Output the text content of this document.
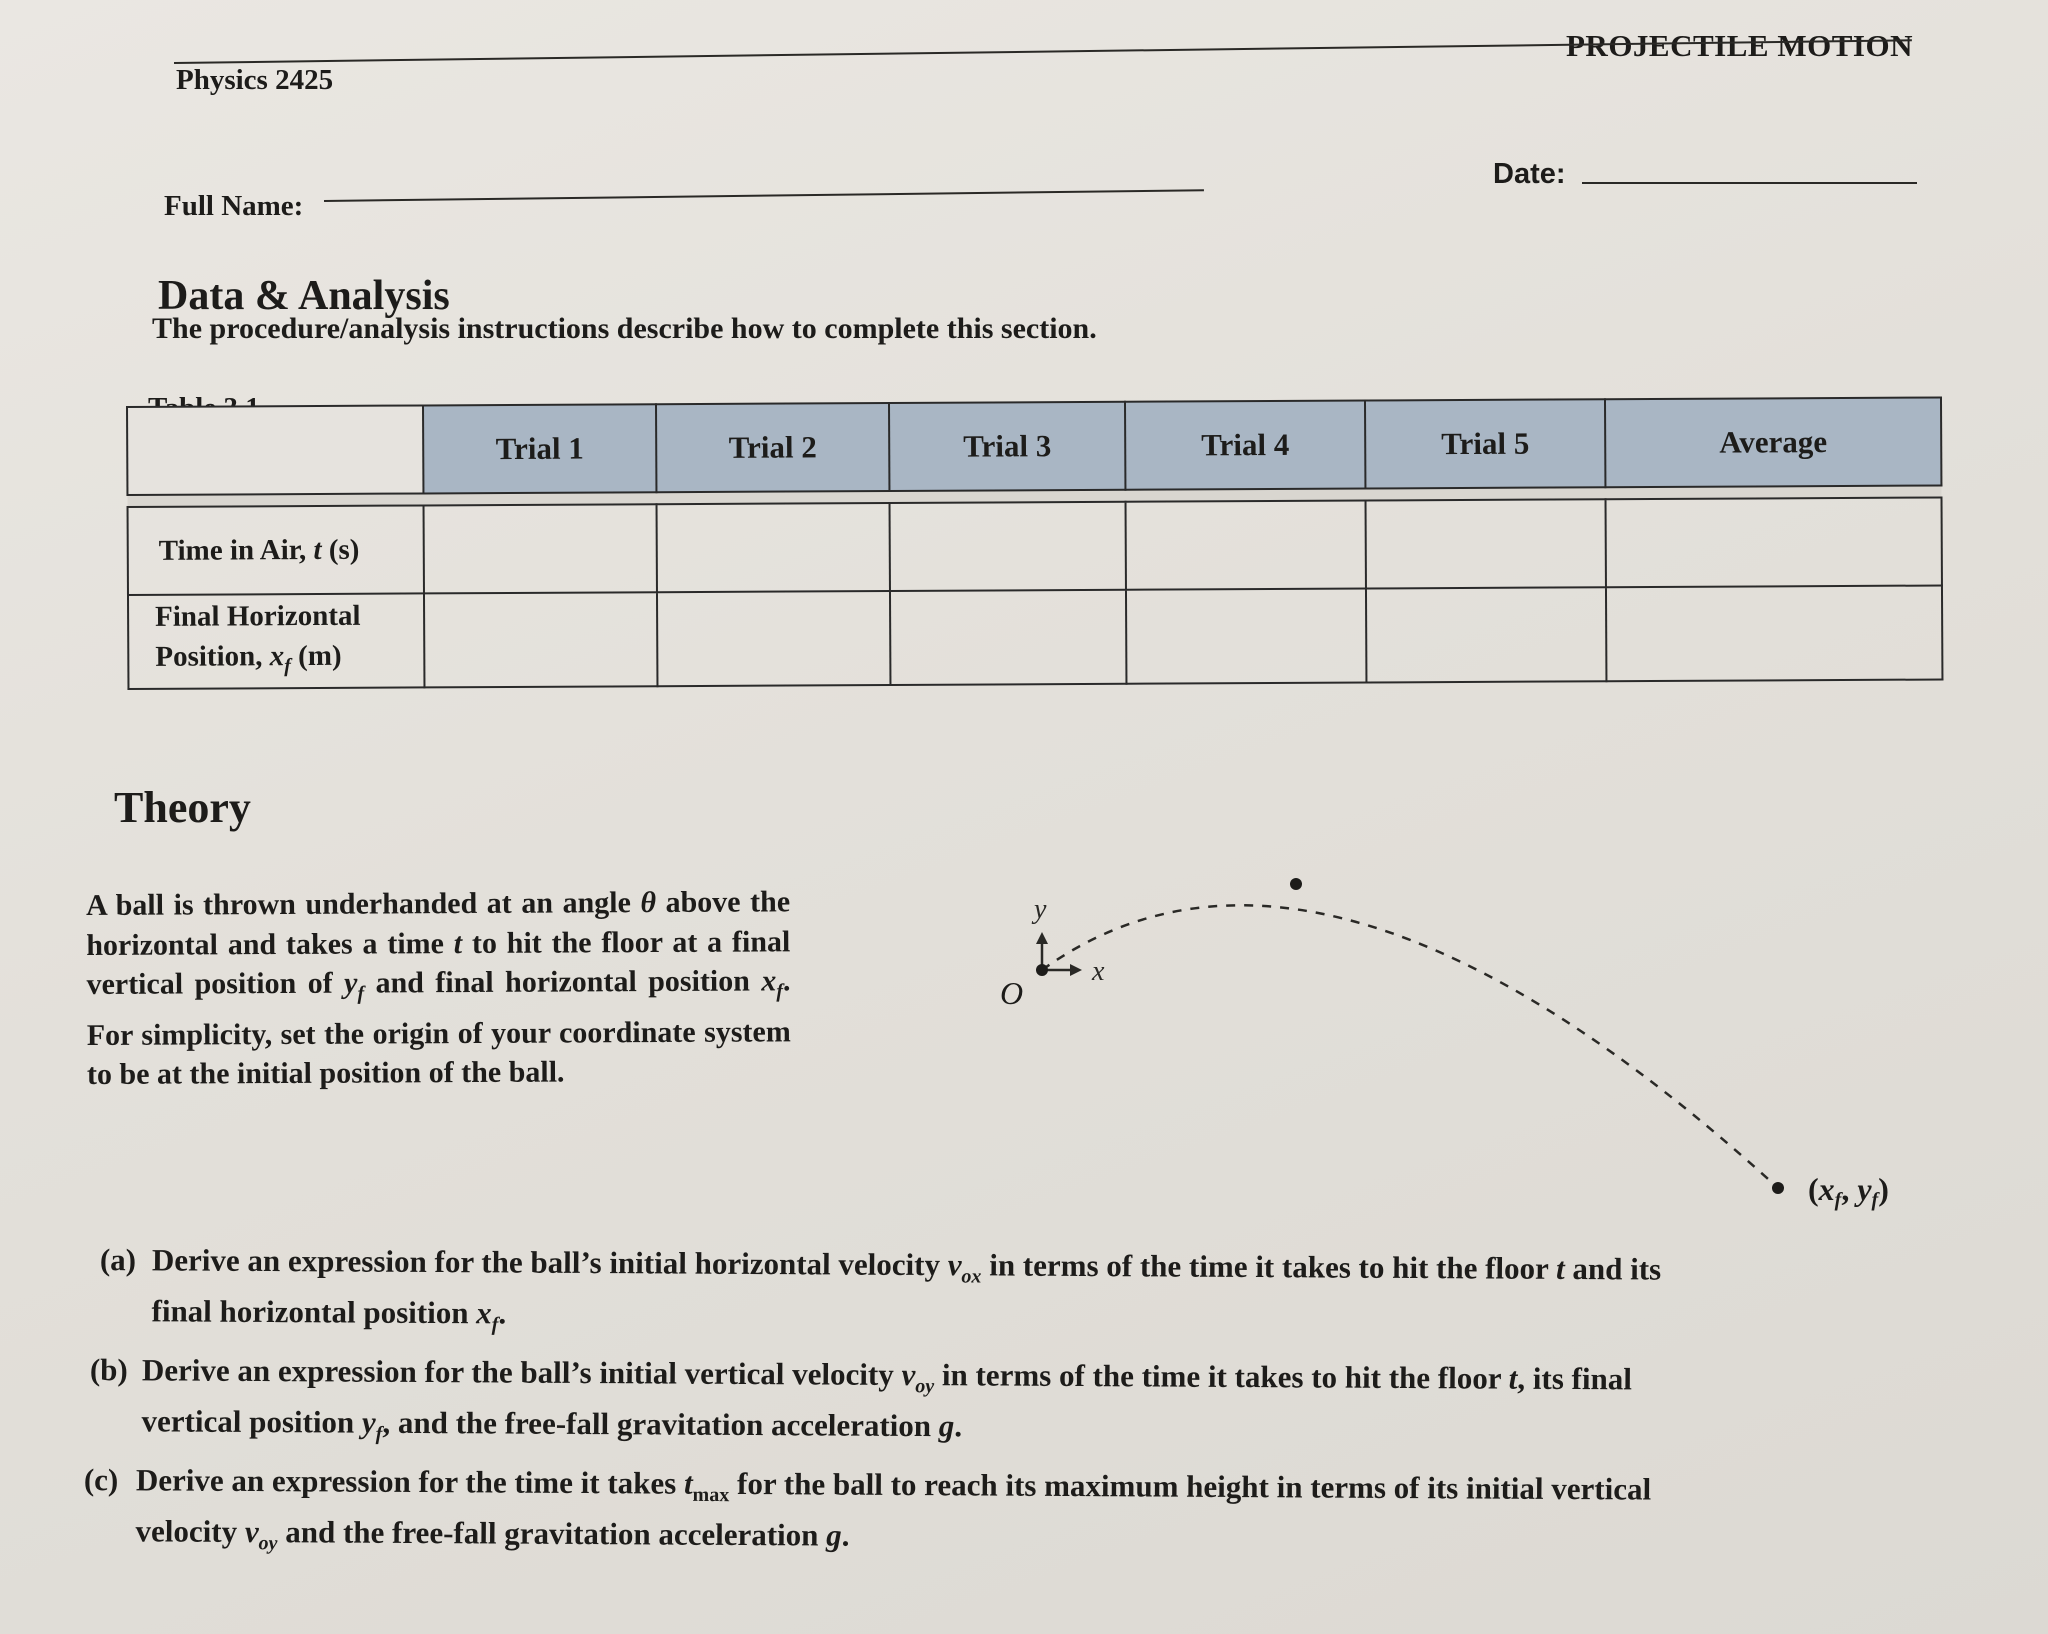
Physics 2425
PROJECTILE MOTION
Full Name:
Date:
Data & Analysis
The procedure/analysis instructions describe how to complete this section.
	Trial 1	Trial 2	Trial 3	Trial 4	Trial 5	Average

Time in Air, t (s)						
Final Horizontal
Position, $x_f$ (m)						
Theory
A ball is thrown underhanded at an angle θ above the horizontal and takes a time t to hit the floor at a final vertical position of $y_f$ and final horizontal position $x_f$. For simplicity, set the origin of your coordinate system to be at the initial position of the ball.
y
x
O
(xf, yf)
(a) Derive an expression for the ball’s initial horizontal velocity $v_{ox}$ in terms of the time it takes to hit the floor t and its
final horizontal position $x_f$.
(b) Derive an expression for the ball’s initial vertical velocity $v_{oy}$ in terms of the time it takes to hit the floor t, its final
vertical position $y_f$, and the free-fall gravitation acceleration g.
(c) Derive an expression for the time it takes $t_{max}$ for the ball to reach its maximum height in terms of its initial vertical
velocity $v_{oy}$ and the free-fall gravitation acceleration g.
